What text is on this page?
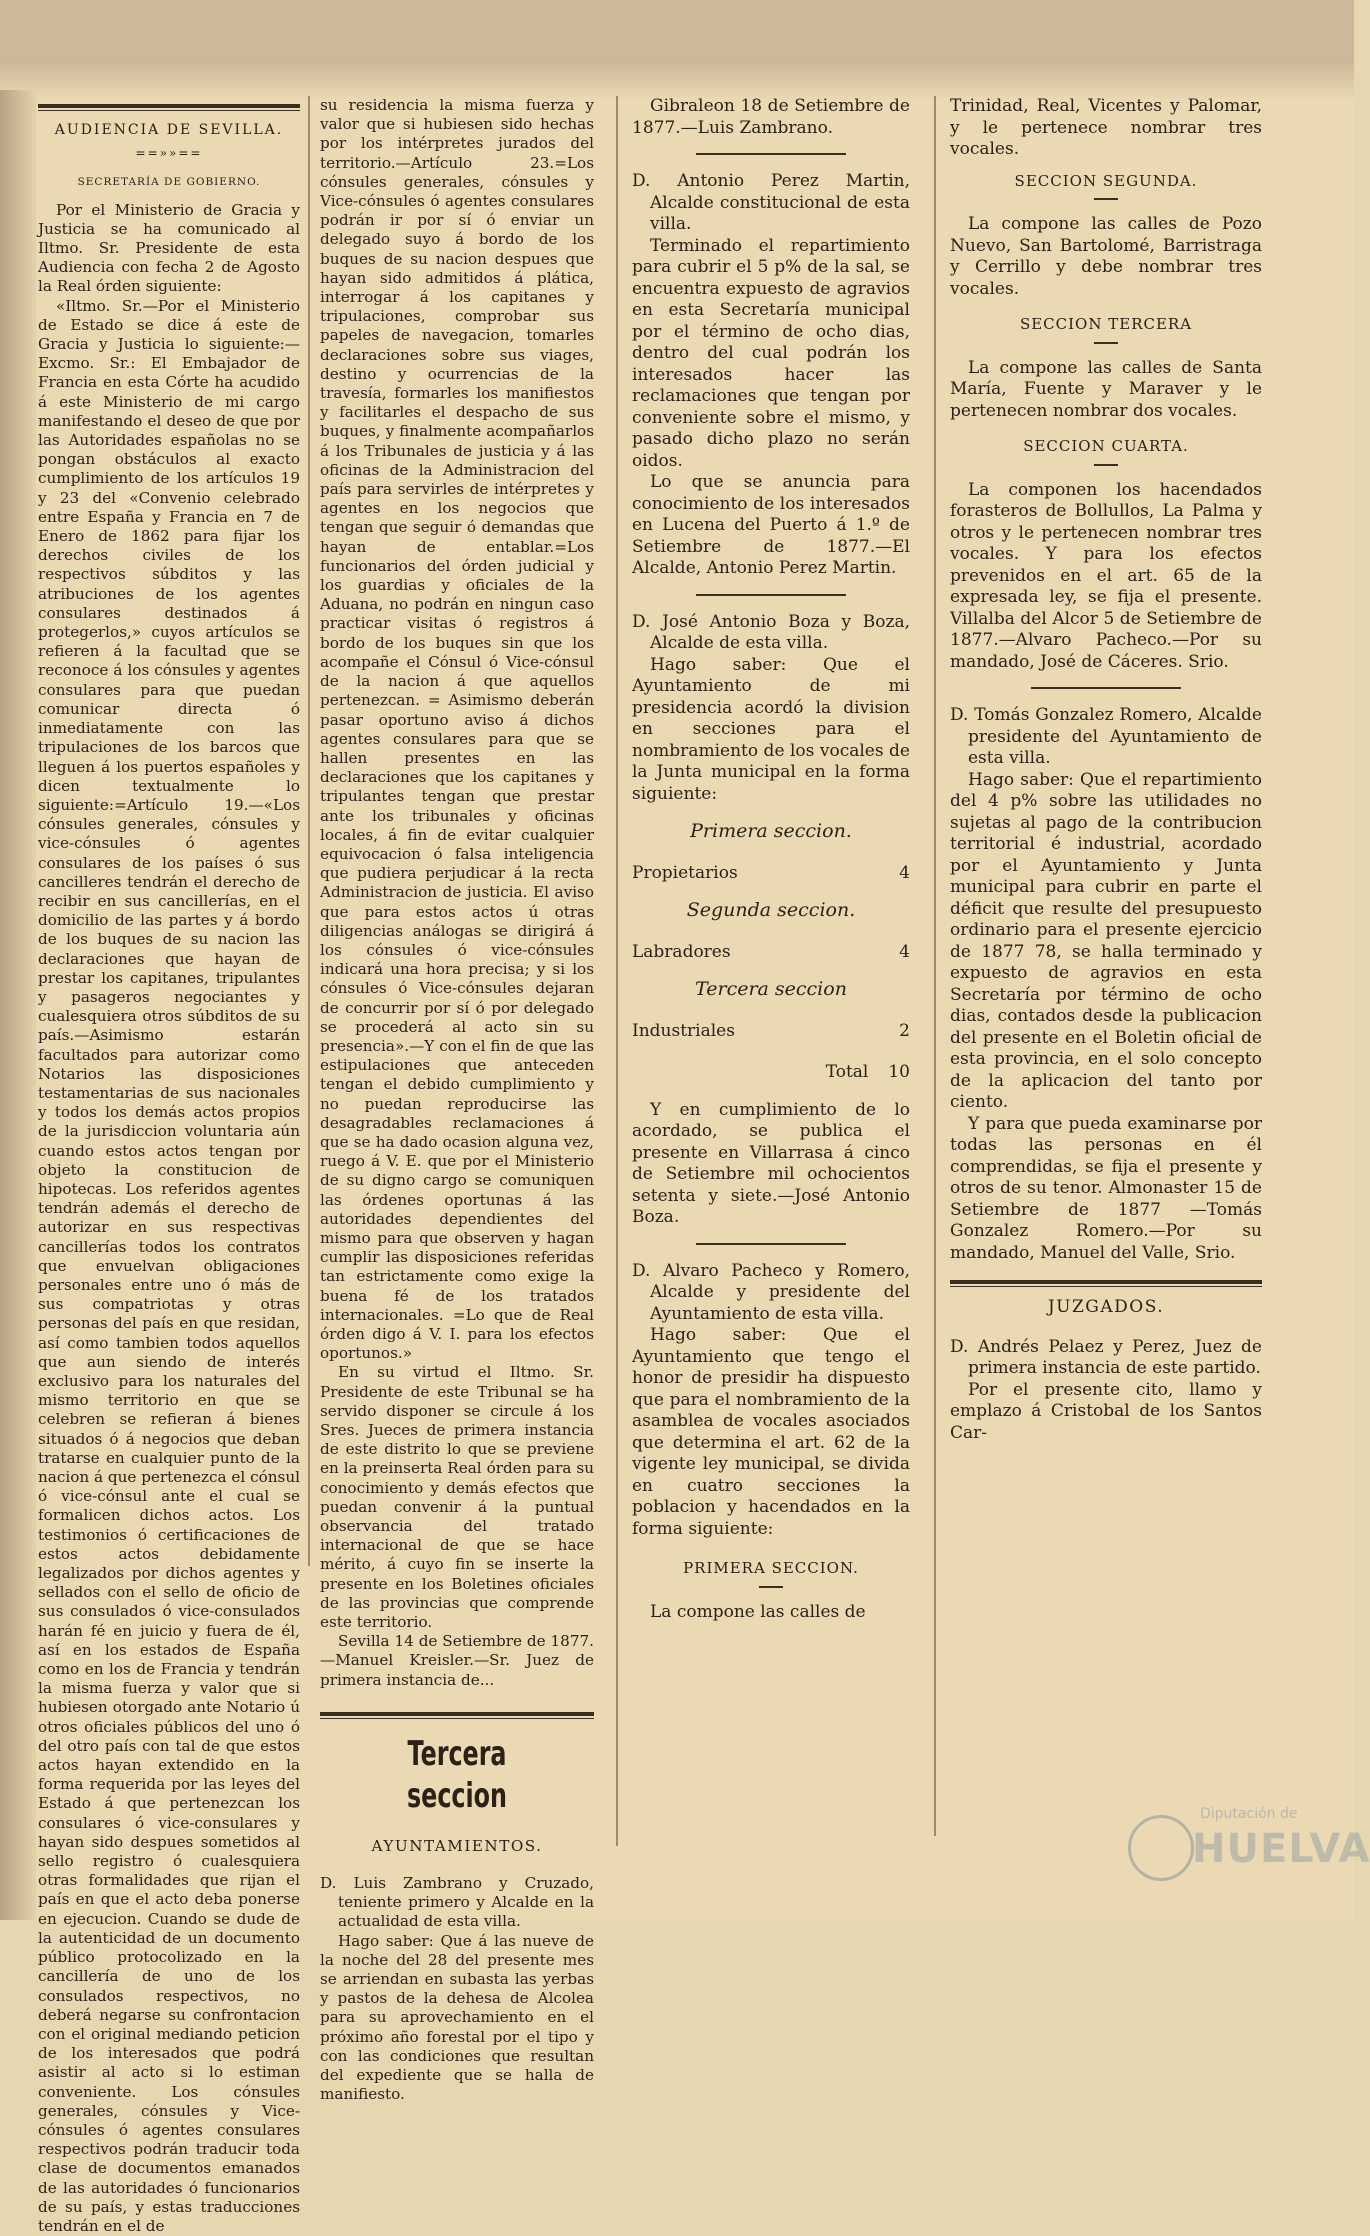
AUDIENCIA DE SEVILLA.

==»»==

SECRETARÍA DE GOBIERNO.

Por el Ministerio de Gracia y Justicia se ha comunicado al Iltmo. Sr. Presidente de esta Audiencia con fecha 2 de Agosto la Real órden siguiente:

«Iltmo. Sr.—Por el Ministerio de Estado se dice á este de Gracia y Justicia lo siguiente:—Excmo. Sr.: El Embajador de Francia en esta Córte ha acudido á este Ministerio de mi cargo manifestando el deseo de que por las Autoridades españolas no se pongan obstáculos al exacto cumplimiento de los artículos 19 y 23 del «Convenio celebrado entre España y Francia en 7 de Enero de 1862 para fijar los derechos civiles de los respectivos súbditos y las atribuciones de los agentes consulares destinados á protegerlos,» cuyos artículos se refieren á la facultad que se reconoce á los cónsules y agentes consulares para que puedan comunicar directa ó inmediatamente con las tripulaciones de los barcos que lleguen á los puertos españoles y dicen textualmente lo siguiente:=Artículo 19.—«Los cónsules generales, cónsules y vice-cónsules ó agentes consulares de los países ó sus cancilleres tendrán el derecho de recibir en sus cancillerías, en el domicilio de las partes y á bordo de los buques de su nacion las declaraciones que hayan de prestar los capitanes, tripulantes y pasageros negociantes y cualesquiera otros súbditos de su país.—Asimismo estarán facultados para autorizar como Notarios las disposiciones testamentarias de sus nacionales y todos los demás actos propios de la jurisdiccion voluntaria aún cuando estos actos tengan por objeto la constitucion de hipotecas. Los referidos agentes tendrán además el derecho de autorizar en sus respectivas cancillerías todos los contratos que envuelvan obligaciones personales entre uno ó más de sus compatriotas y otras personas del país en que residan, así como tambien todos aquellos que aun siendo de interés exclusivo para los naturales del mismo territorio en que se celebren se refieran á bienes situados ó á negocios que deban tratarse en cualquier punto de la nacion á que pertenezca el cónsul ó vice-cónsul ante el cual se formalicen dichos actos. Los testimonios ó certificaciones de estos actos debidamente legalizados por dichos agentes y sellados con el sello de oficio de sus consulados ó vice-consulados harán fé en juicio y fuera de él, así en los estados de España como en los de Francia y tendrán la misma fuerza y valor que si hubiesen otorgado ante Notario ú otros oficiales públicos del uno ó del otro país con tal de que estos actos hayan extendido en la forma requerida por las leyes del Estado á que pertenezcan los consulares ó vice-consulares y hayan sido despues sometidos al sello registro ó cualesquiera otras formalidades que rijan el país en que el acto deba ponerse en ejecucion. Cuando se dude de la autenticidad de un documento público protocolizado en la cancillería de uno de los consulados respectivos, no deberá negarse su confrontacion con el original mediando peticion de los interesados que podrá asistir al acto si lo estiman conveniente. Los cónsules generales, cónsules y Vice-cónsules ó agentes consulares respectivos podrán traducir toda clase de documentos emanados de las autoridades ó funcionarios de su país, y estas traducciones tendrán en el de

su residencia la misma fuerza y valor que si hubiesen sido hechas por los intérpretes jurados del territorio.—Artículo 23.=Los cónsules generales, cónsules y Vice-cónsules ó agentes consulares podrán ir por sí ó enviar un delegado suyo á bordo de los buques de su nacion despues que hayan sido admitidos á plática, interrogar á los capitanes y tripulaciones, comprobar sus papeles de navegacion, tomarles declaraciones sobre sus viages, destino y ocurrencias de la travesía, formarles los manifiestos y facilitarles el despacho de sus buques, y finalmente acompañarlos á los Tribunales de justicia y á las oficinas de la Administracion del país para servirles de intérpretes y agentes en los negocios que tengan que seguir ó demandas que hayan de entablar.=Los funcionarios del órden judicial y los guardias y oficiales de la Aduana, no podrán en ningun caso practicar visitas ó registros á bordo de los buques sin que los acompañe el Cónsul ó Vice-cónsul de la nacion á que aquellos pertenezcan. = Asimismo deberán pasar oportuno aviso á dichos agentes consulares para que se hallen presentes en las declaraciones que los capitanes y tripulantes tengan que prestar ante los tribunales y oficinas locales, á fin de evitar cualquier equivocacion ó falsa inteligencia que pudiera perjudicar á la recta Administracion de justicia. El aviso que para estos actos ú otras diligencias análogas se dirigirá á los cónsules ó vice-cónsules indicará una hora precisa; y si los cónsules ó Vice-cónsules dejaran de concurrir por sí ó por delegado se procederá al acto sin su presencia».—Y con el fin de que las estipulaciones que anteceden tengan el debido cumplimiento y no puedan reproducirse las desagradables reclamaciones á que se ha dado ocasion alguna vez, ruego á V. E. que por el Ministerio de su digno cargo se comuniquen las órdenes oportunas á las autoridades dependientes del mismo para que observen y hagan cumplir las disposiciones referidas tan estrictamente como exige la buena fé de los tratados internacionales. =Lo que de Real órden digo á V. I. para los efectos oportunos.»

En su virtud el Iltmo. Sr. Presidente de este Tribunal se ha servido disponer se circule á los Sres. Jueces de primera instancia de este distrito lo que se previene en la preinserta Real órden para su conocimiento y demás efectos que puedan convenir á la puntual observancia del tratado internacional de que se hace mérito, á cuyo fin se inserte la presente en los Boletines oficiales de las provincias que comprende este territorio.

Sevilla 14 de Setiembre de 1877.—Manuel Kreisler.—Sr. Juez de primera instancia de...

Tercera seccion

AYUNTAMIENTOS.

D. Luis Zambrano y Cruzado, teniente primero y Alcalde en la actualidad de esta villa.

Hago saber: Que á las nueve de la noche del 28 del presente mes se arriendan en subasta las yerbas y pastos de la dehesa de Alcolea para su aprovechamiento en el próximo año forestal por el tipo y con las condiciones que resultan del expediente que se halla de manifiesto.

Gibraleon 18 de Setiembre de 1877.—Luis Zambrano.

D. Antonio Perez Martin, Alcalde constitucional de esta villa.

Terminado el repartimiento para cubrir el 5 p% de la sal, se encuentra expuesto de agravios en esta Secretaría municipal por el término de ocho dias, dentro del cual podrán los interesados hacer las reclamaciones que tengan por conveniente sobre el mismo, y pasado dicho plazo no serán oidos.

Lo que se anuncia para conocimiento de los interesados en Lucena del Puerto á 1.º de Setiembre de 1877.—El Alcalde, Antonio Perez Martin.

D. José Antonio Boza y Boza, Alcalde de esta villa.

Hago saber: Que el Ayuntamiento de mi presidencia acordó la division en secciones para el nombramiento de los vocales de la Junta municipal en la forma siguiente:

Primera seccion.

Propietarios	4

Segunda seccion.

Labradores	4

Tercera seccion

Industriales	2
Total 10

Y en cumplimiento de lo acordado, se publica el presente en Villarrasa á cinco de Setiembre mil ochocientos setenta y siete.—José Antonio Boza.

D. Alvaro Pacheco y Romero, Alcalde y presidente del Ayuntamiento de esta villa.

Hago saber: Que el Ayuntamiento que tengo el honor de presidir ha dispuesto que para el nombramiento de la asamblea de vocales asociados que determina el art. 62 de la vigente ley municipal, se divida en cuatro secciones la poblacion y hacendados en la forma siguiente:

PRIMERA SECCION.

La compone las calles de

Trinidad, Real, Vicentes y Palomar, y le pertenece nombrar tres vocales.

SECCION SEGUNDA.

La compone las calles de Pozo Nuevo, San Bartolomé, Barristraga y Cerrillo y debe nombrar tres vocales.

SECCION TERCERA

La compone las calles de Santa María, Fuente y Maraver y le pertenecen nombrar dos vocales.

SECCION CUARTA.

La componen los hacendados forasteros de Bollullos, La Palma y otros y le pertenecen nombrar tres vocales. Y para los efectos prevenidos en el art. 65 de la expresada ley, se fija el presente. Villalba del Alcor 5 de Setiembre de 1877.—Alvaro Pacheco.—Por su mandado, José de Cáceres. Srio.

D. Tomás Gonzalez Romero, Alcalde presidente del Ayuntamiento de esta villa.

Hago saber: Que el repartimiento del 4 p% sobre las utilidades no sujetas al pago de la contribucion territorial é industrial, acordado por el Ayuntamiento y Junta municipal para cubrir en parte el déficit que resulte del presupuesto ordinario para el presente ejercicio de 1877 78, se halla terminado y expuesto de agravios en esta Secretaría por término de ocho dias, contados desde la publicacion del presente en el Boletin oficial de esta provincia, en el solo concepto de la aplicacion del tanto por ciento.

Y para que pueda examinarse por todas las personas en él comprendidas, se fija el presente y otros de su tenor. Almonaster 15 de Setiembre de 1877 —Tomás Gonzalez Romero.—Por su mandado, Manuel del Valle, Srio.

JUZGADOS.

D. Andrés Pelaez y Perez, Juez de primera instancia de este partido.

Por el presente cito, llamo y emplazo á Cristobal de los Santos Car-

Diputación de
HUELVA
